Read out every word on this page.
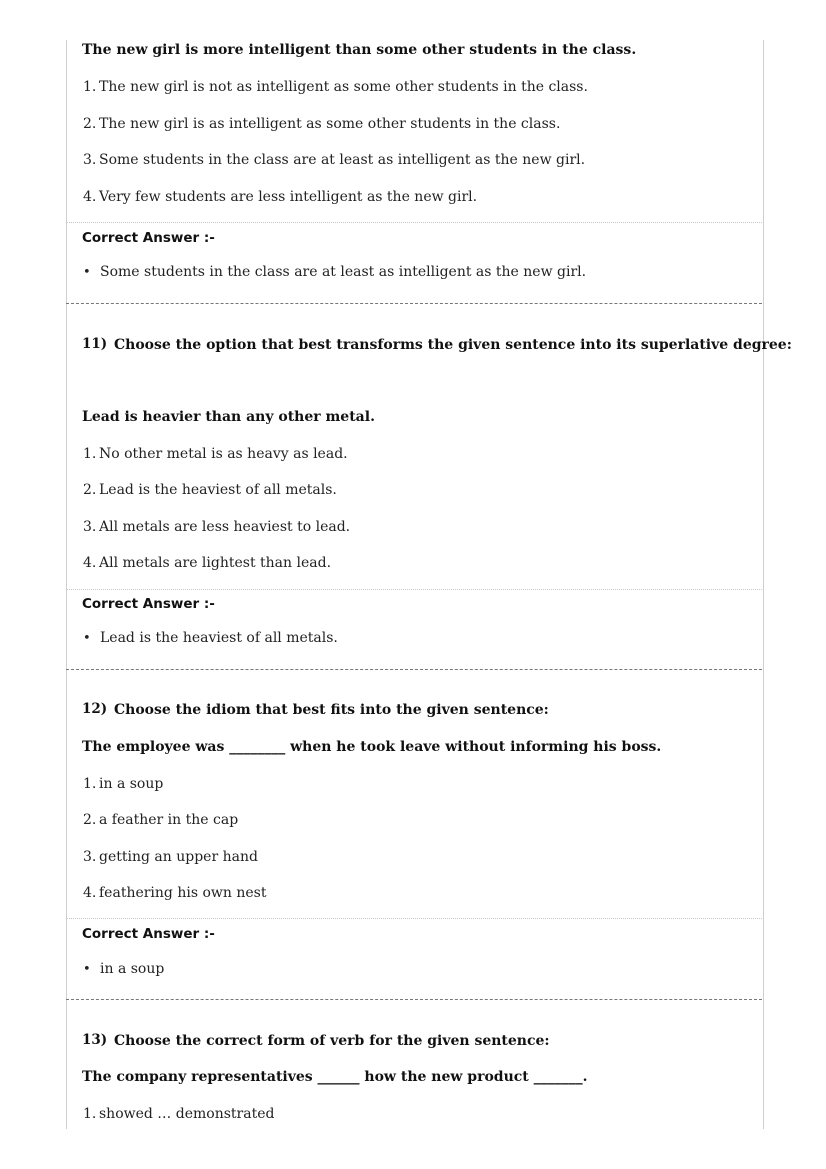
The new girl is more intelligent than some other students in the class.
1. The new girl is not as intelligent as some other students in the class.
2. The new girl is as intelligent as some other students in the class.
3. Some students in the class are at least as intelligent as the new girl.
4. Very few students are less intelligent as the new girl.
Correct Answer :-
• Some students in the class are at least as intelligent as the new girl.
11) Choose the option that best transforms the given sentence into its superlative degree:
Lead is heavier than any other metal.
1. No other metal is as heavy as lead.
2. Lead is the heaviest of all metals.
3. All metals are less heaviest to lead.
4. All metals are lightest than lead.
Correct Answer :-
• Lead is the heaviest of all metals.
12) Choose the idiom that best fits into the given sentence:
The employee was ________ when he took leave without informing his boss.
1. in a soup
2. a feather in the cap
3. getting an upper hand
4. feathering his own nest
Correct Answer :-
• in a soup
13) Choose the correct form of verb for the given sentence:
The company representatives ______ how the new product _______.
1. showed … demonstrated
